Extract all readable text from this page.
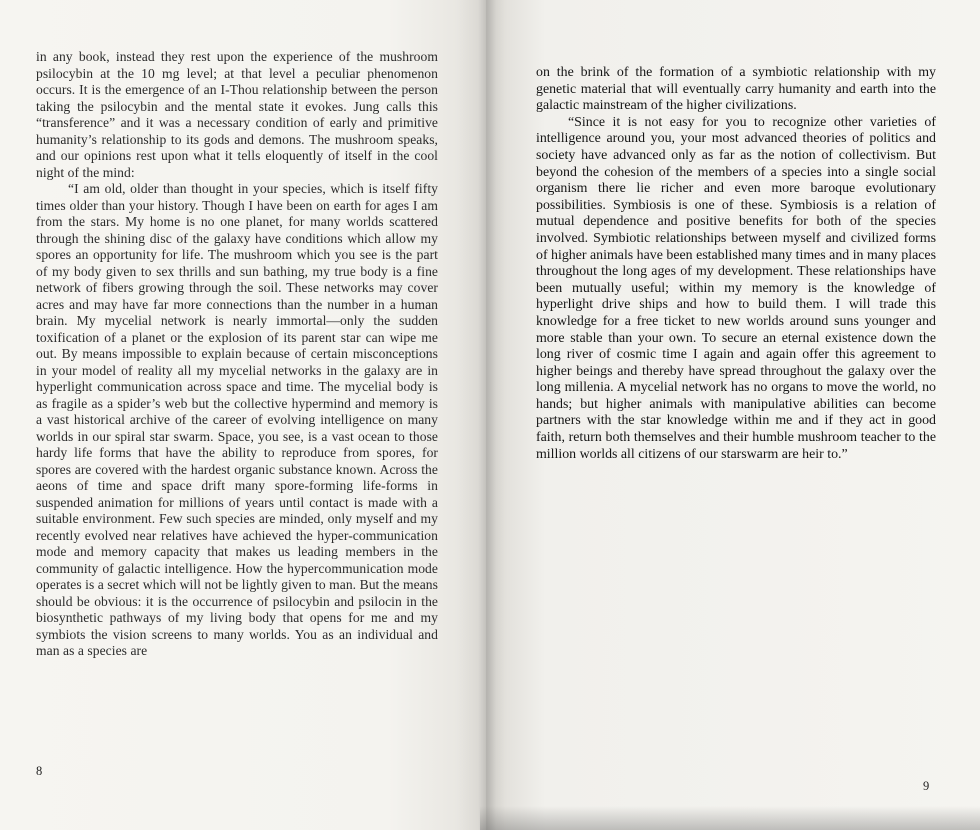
in any book, instead they rest upon the experience of the mushroom psilocybin at the 10 mg level; at that level a peculiar phenomenon occurs. It is the emergence of an I-Thou relationship between the person taking the psilocybin and the mental state it evokes. Jung calls this “transference” and it was a necessary condition of early and primitive humanity’s relationship to its gods and demons. The mushroom speaks, and our opinions rest upon what it tells eloquently of itself in the cool night of the mind:

“I am old, older than thought in your species, which is itself fifty times older than your history. Though I have been on earth for ages I am from the stars. My home is no one planet, for many worlds scattered through the shining disc of the galaxy have conditions which allow my spores an opportunity for life. The mushroom which you see is the part of my body given to sex thrills and sun bathing, my true body is a fine network of fibers growing through the soil. These networks may cover acres and may have far more connections than the number in a human brain. My mycelial network is nearly immortal—only the sudden toxification of a planet or the explosion of its parent star can wipe me out. By means impossible to explain because of certain misconceptions in your model of reality all my mycelial networks in the galaxy are in hyperlight communication across space and time. The mycelial body is as fragile as a spider’s web but the collective hypermind and memory is a vast historical archive of the career of evolving intelligence on many worlds in our spiral star swarm. Space, you see, is a vast ocean to those hardy life forms that have the ability to reproduce from spores, for spores are covered with the hardest organic substance known. Across the aeons of time and space drift many spore-forming life-forms in suspended animation for millions of years until contact is made with a suitable environment. Few such species are minded, only myself and my recently evolved near relatives have achieved the hyper-communication mode and memory capacity that makes us leading members in the community of galactic intelligence. How the hypercommunication mode operates is a secret which will not be lightly given to man. But the means should be obvious: it is the occurrence of psilocybin and psilocin in the biosynthetic pathways of my living body that opens for me and my symbiots the vision screens to many worlds. You as an individual and man as a species are

8

on the brink of the formation of a symbiotic relationship with my genetic material that will eventually carry humanity and earth into the galactic mainstream of the higher civilizations.

“Since it is not easy for you to recognize other varieties of intelligence around you, your most advanced theories of politics and society have advanced only as far as the notion of collectivism. But beyond the cohesion of the members of a species into a single social organism there lie richer and even more baroque evolutionary possibilities. Symbiosis is one of these. Symbiosis is a relation of mutual dependence and positive benefits for both of the species involved. Symbiotic relationships between myself and civilized forms of higher animals have been established many times and in many places throughout the long ages of my development. These relationships have been mutually useful; within my memory is the knowledge of hyperlight drive ships and how to build them. I will trade this knowledge for a free ticket to new worlds around suns younger and more stable than your own. To secure an eternal existence down the long river of cosmic time I again and again offer this agreement to higher beings and thereby have spread throughout the galaxy over the long millenia. A mycelial network has no organs to move the world, no hands; but higher animals with manipulative abilities can become partners with the star knowledge within me and if they act in good faith, return both themselves and their humble mushroom teacher to the million worlds all citizens of our starswarm are heir to.”

9
